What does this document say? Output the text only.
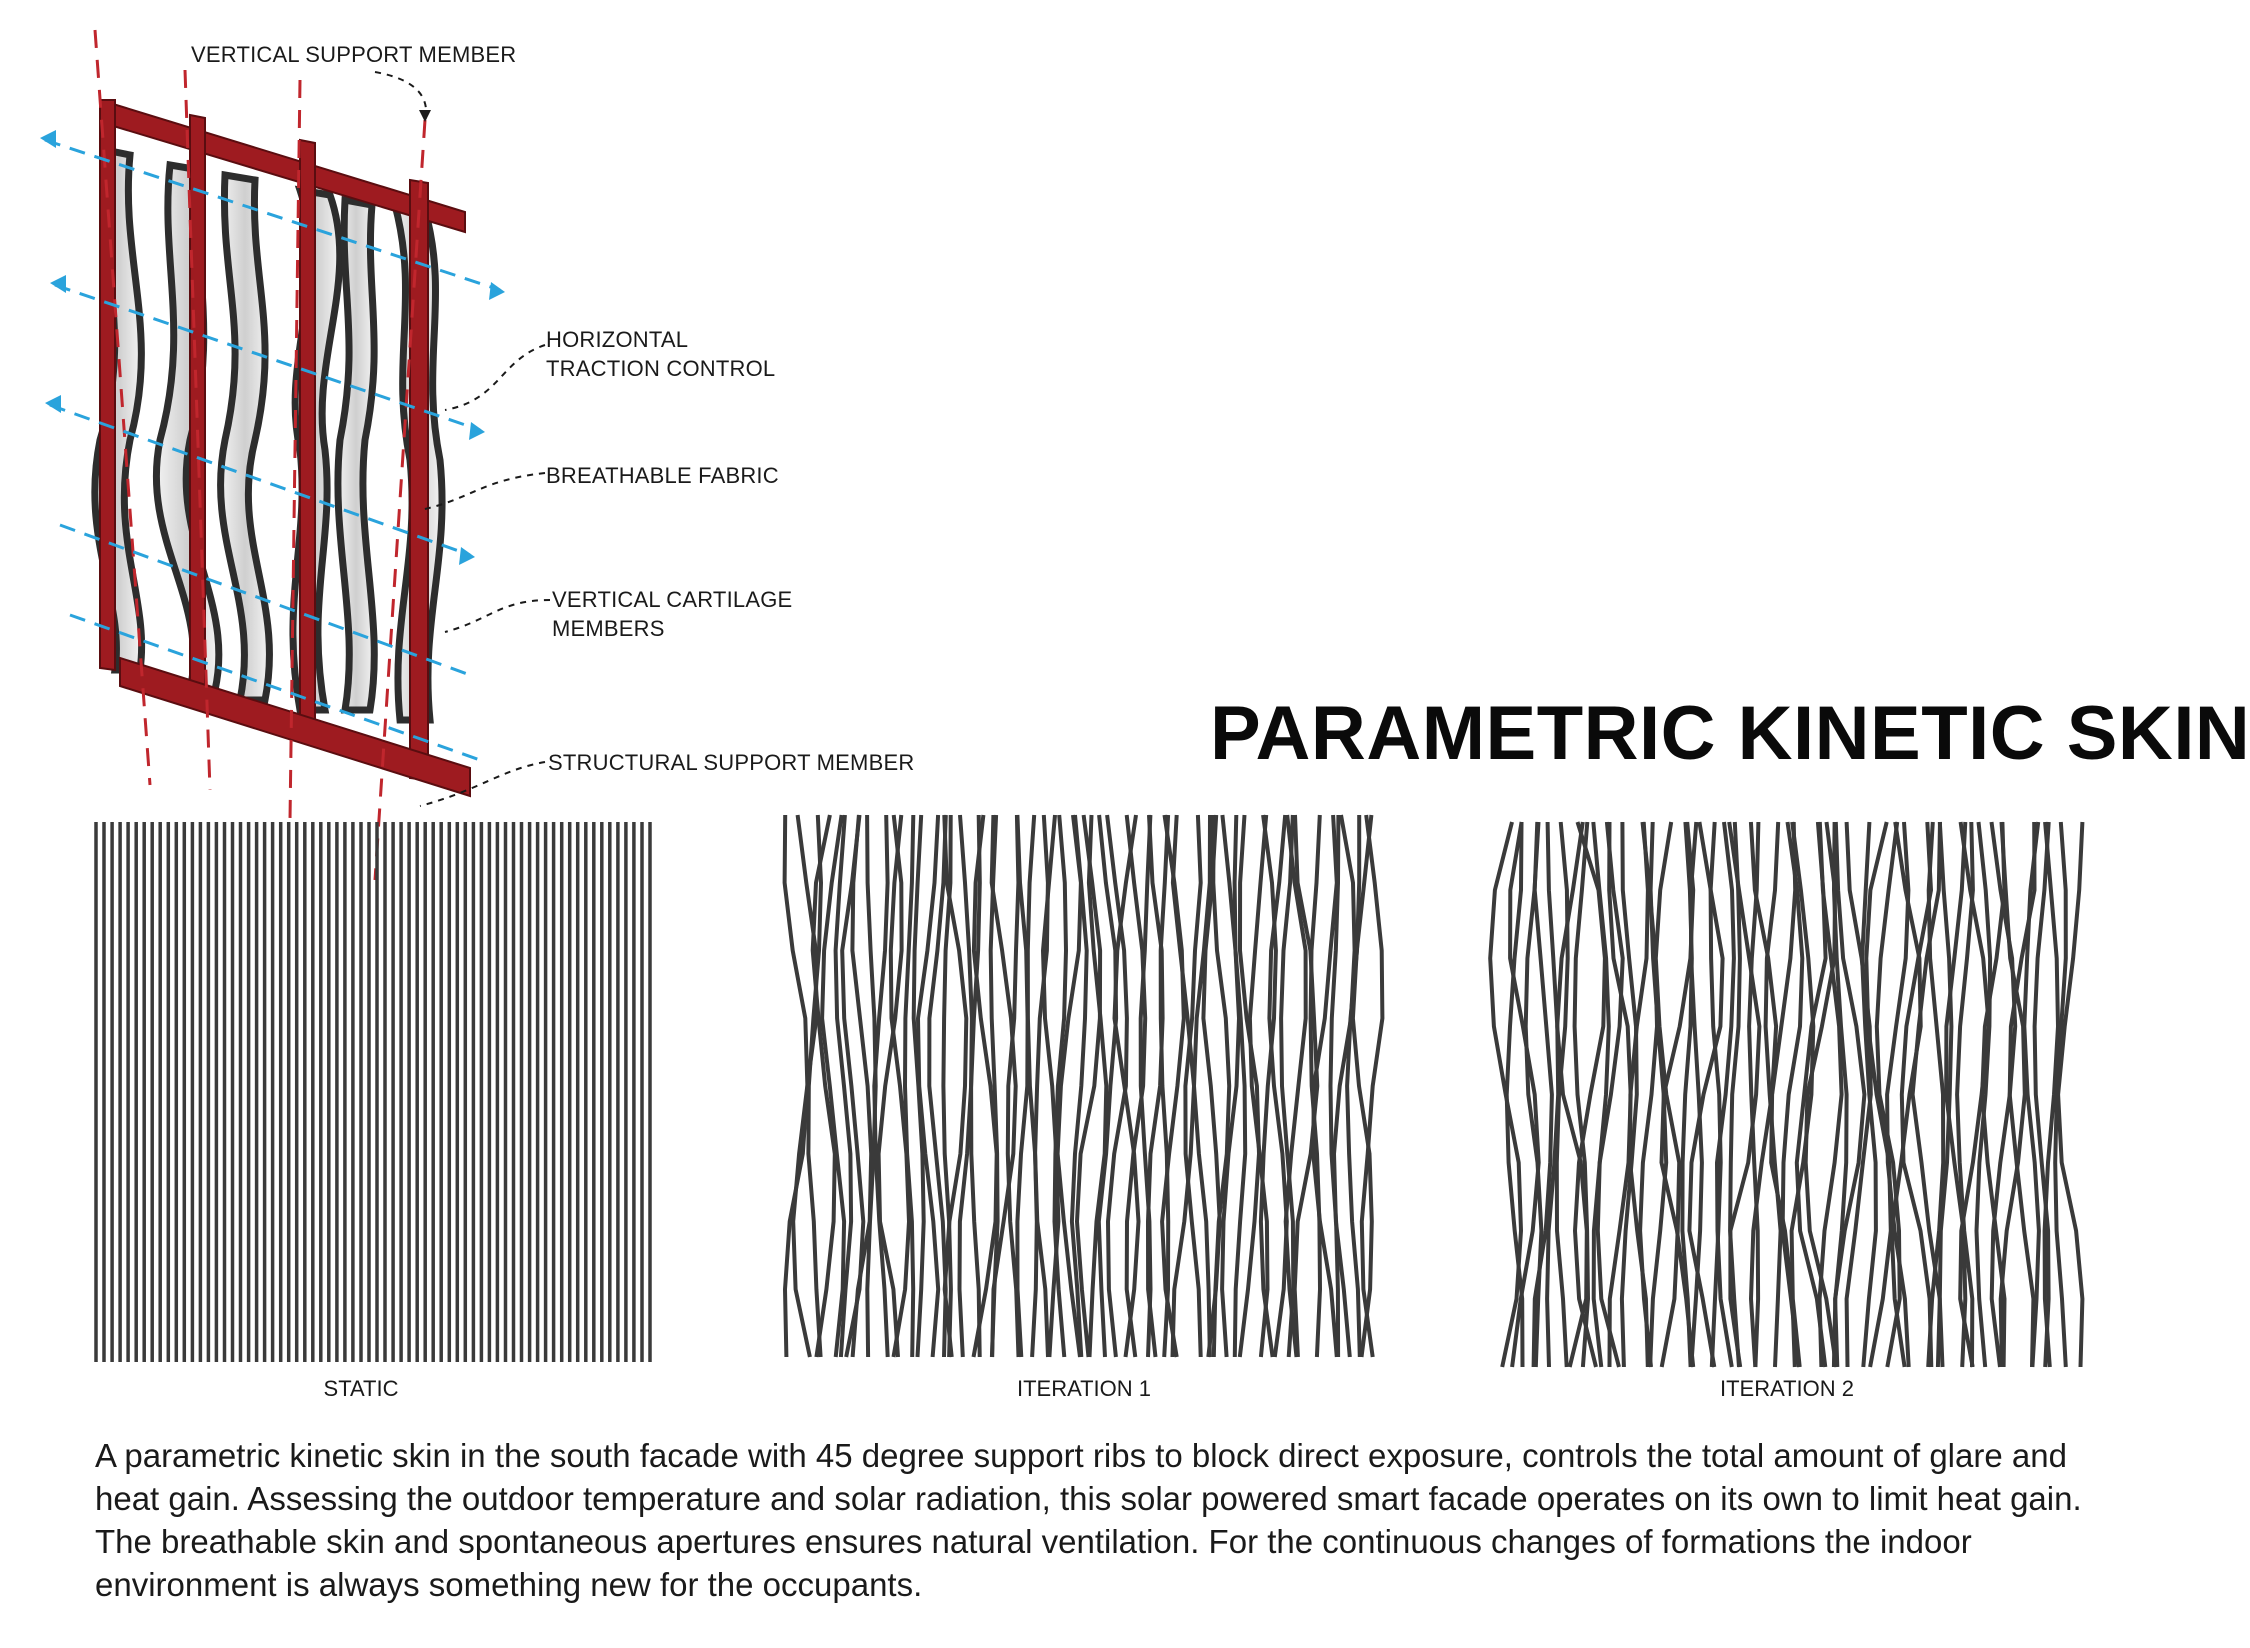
VERTICAL SUPPORT MEMBER
HORIZONTAL
TRACTION CONTROL
BREATHABLE FABRIC
VERTICAL CARTILAGE
MEMBERS
STRUCTURAL SUPPORT MEMBER	PARAMETRIC KINETIC SKIN
STATIC	ITERATION 1	ITERATION 2
A parametric kinetic skin in the south facade with 45 degree support ribs to block direct exposure, controls the total amount of glare and heat gain. Assessing the outdoor temperature and solar radiation, this solar powered smart facade operates on its own to limit heat gain. The breathable skin and spontaneous apertures ensures natural ventilation. For the continuous changes of formations the indoor environment is always something new for the occupants.
